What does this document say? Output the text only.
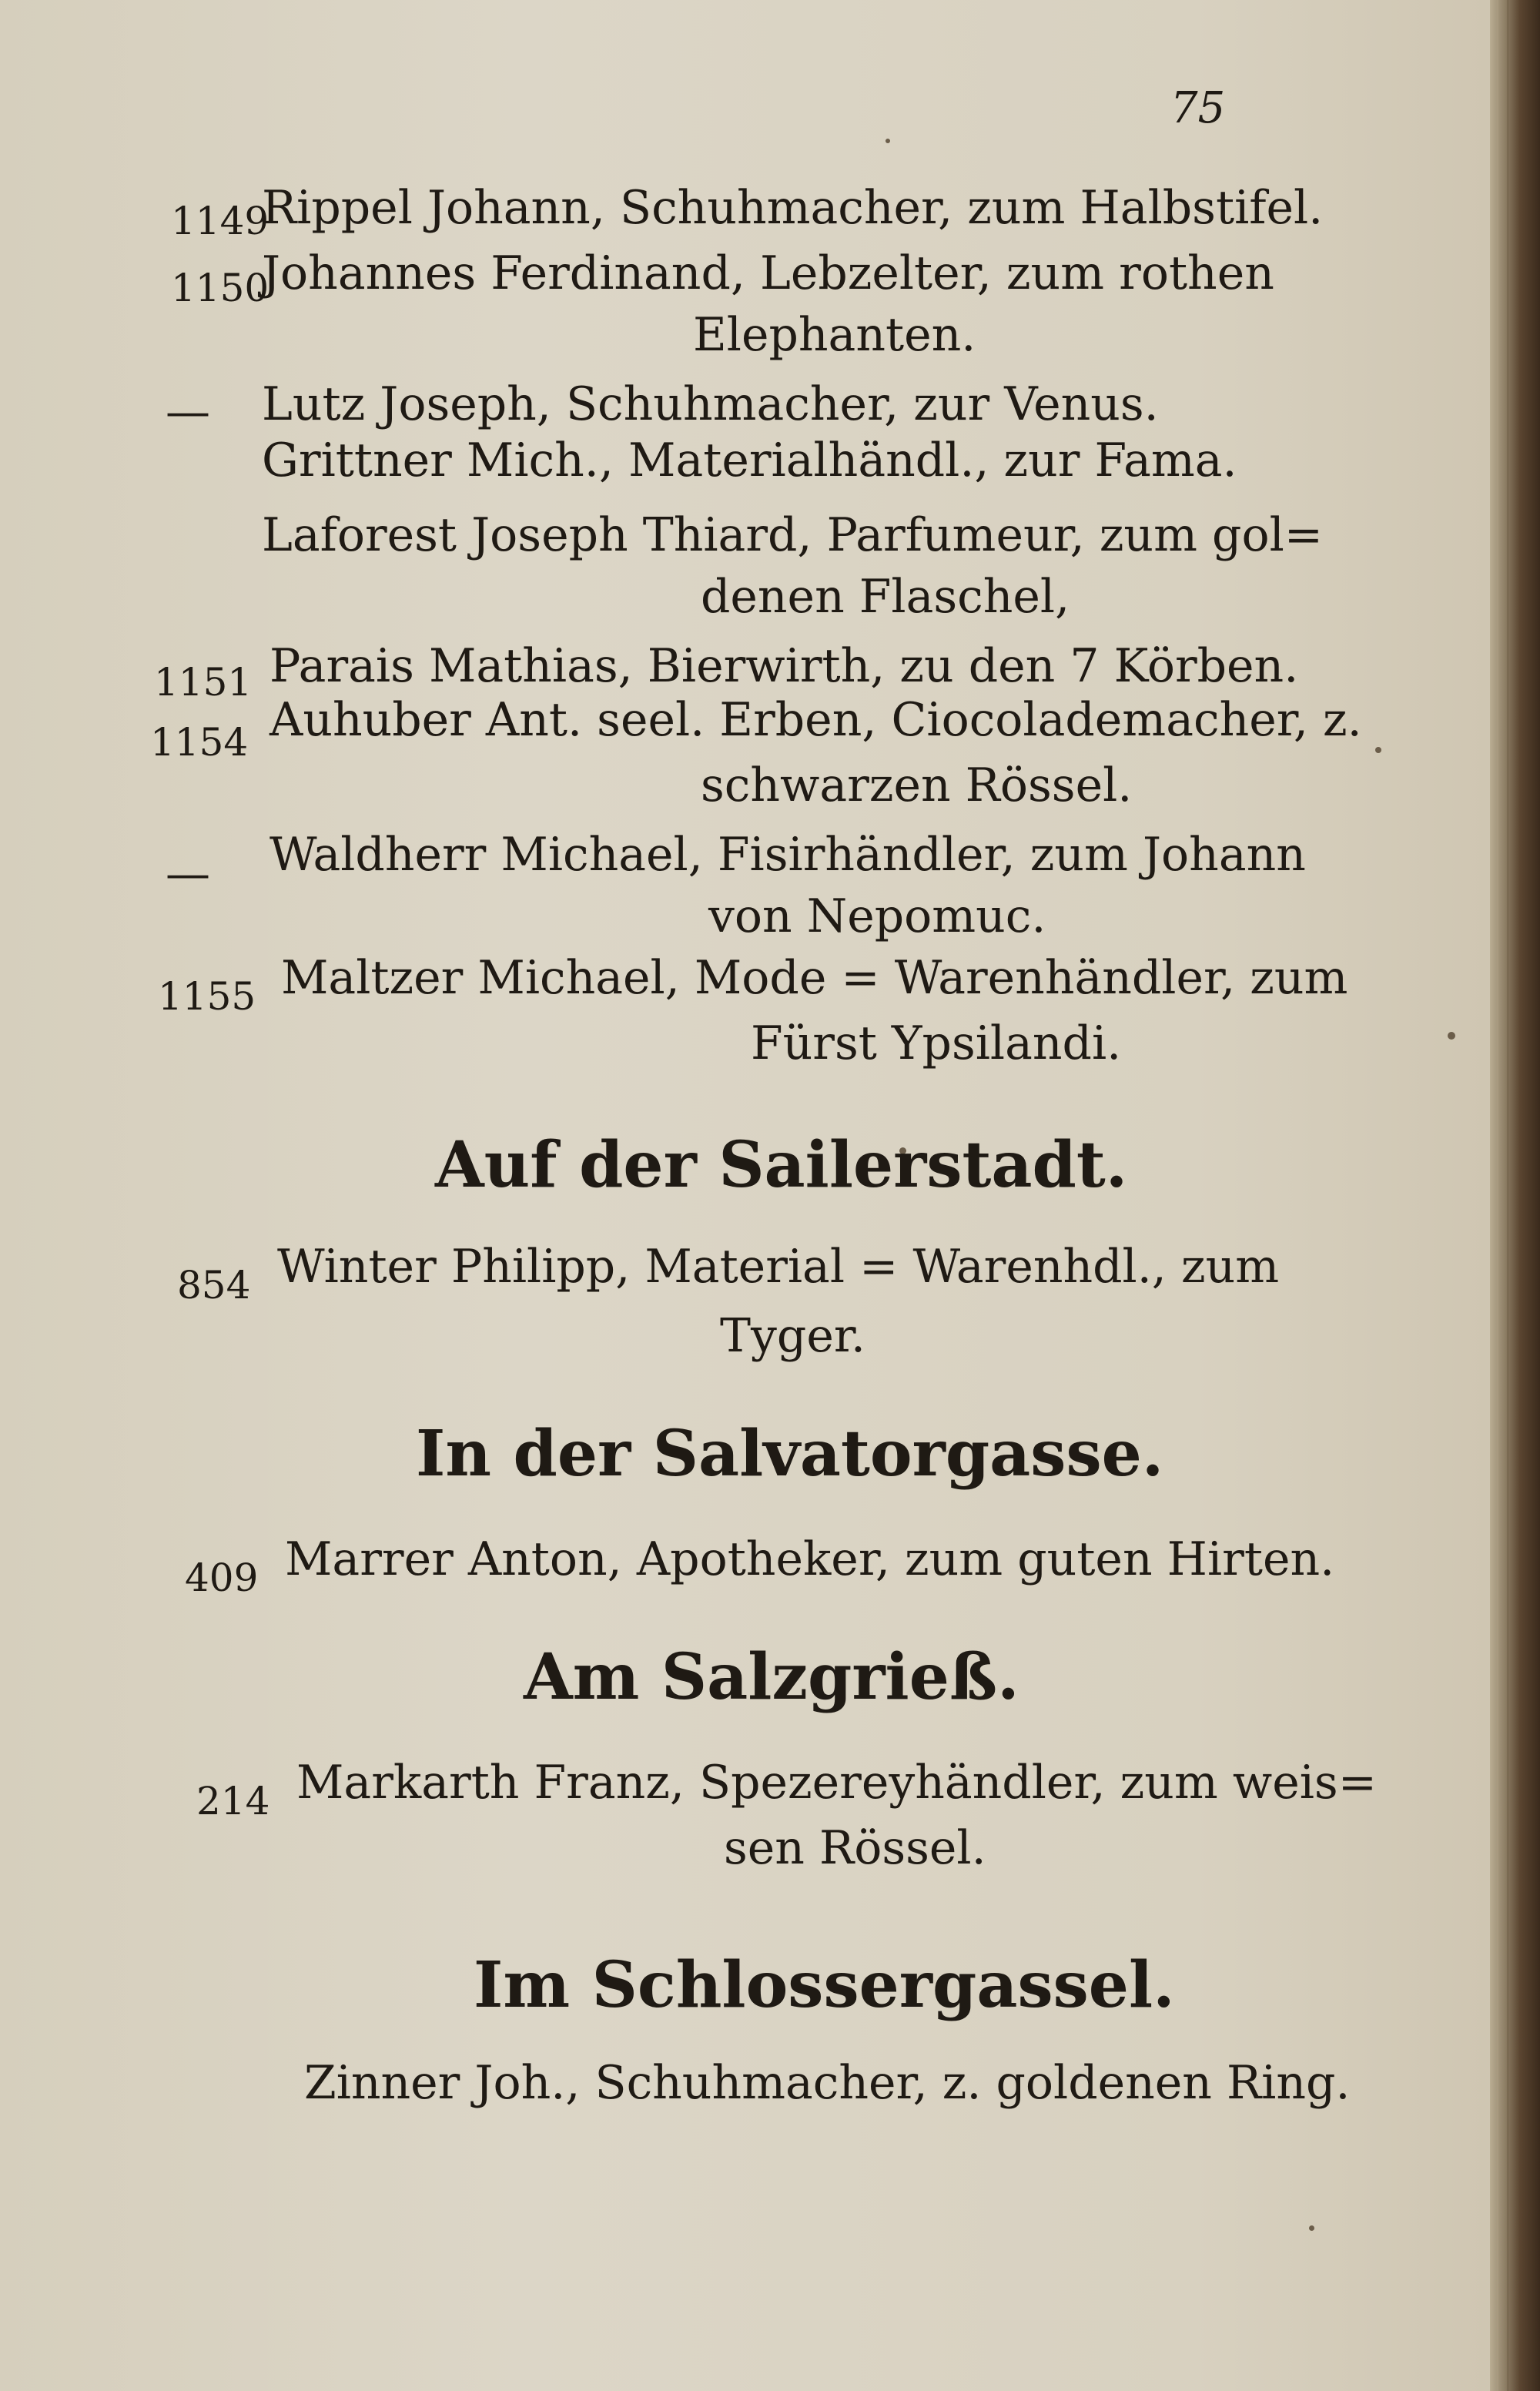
75
1149
Rippel Johann, Schuhmacher, zum Halbstifel.
1150
Johannes Ferdinand, Lebzelter, zum rothen
Elephanten.
— Lutz Joseph, Schuhmacher, zur Venus.
Grittner Mich., Materialhändl., zur Fama.
Laforest Joseph Thiard, Parfumeur, zum gol=
denen Flaschel,
1151 Parais Mathias, Bierwirth, zu den 7 Körben.
1154 Auhuber Ant. seel. Erben, Ciocolademacher, z.
schwarzen Rössel.
— Waldherr Michael, Fisirhändler, zum Johann
von Nepomuc.
1155 Maltzer Michael, Mode = Warenhändler, zum
Fürst Ypsilandi.
Auf der Sailerstadt.
854 Winter Philipp, Material = Warenhdl., zum
Tyger.
In der Salvatorgasse.
409 Marrer Anton, Apotheker, zum guten Hirten.
Am Salzgrieß.
214 Markarth Franz, Spezereyhändler, zum weis=
sen Rössel.
Im Schlossergassel.
Zinner Joh., Schuhmacher, z. goldenen Ring.
